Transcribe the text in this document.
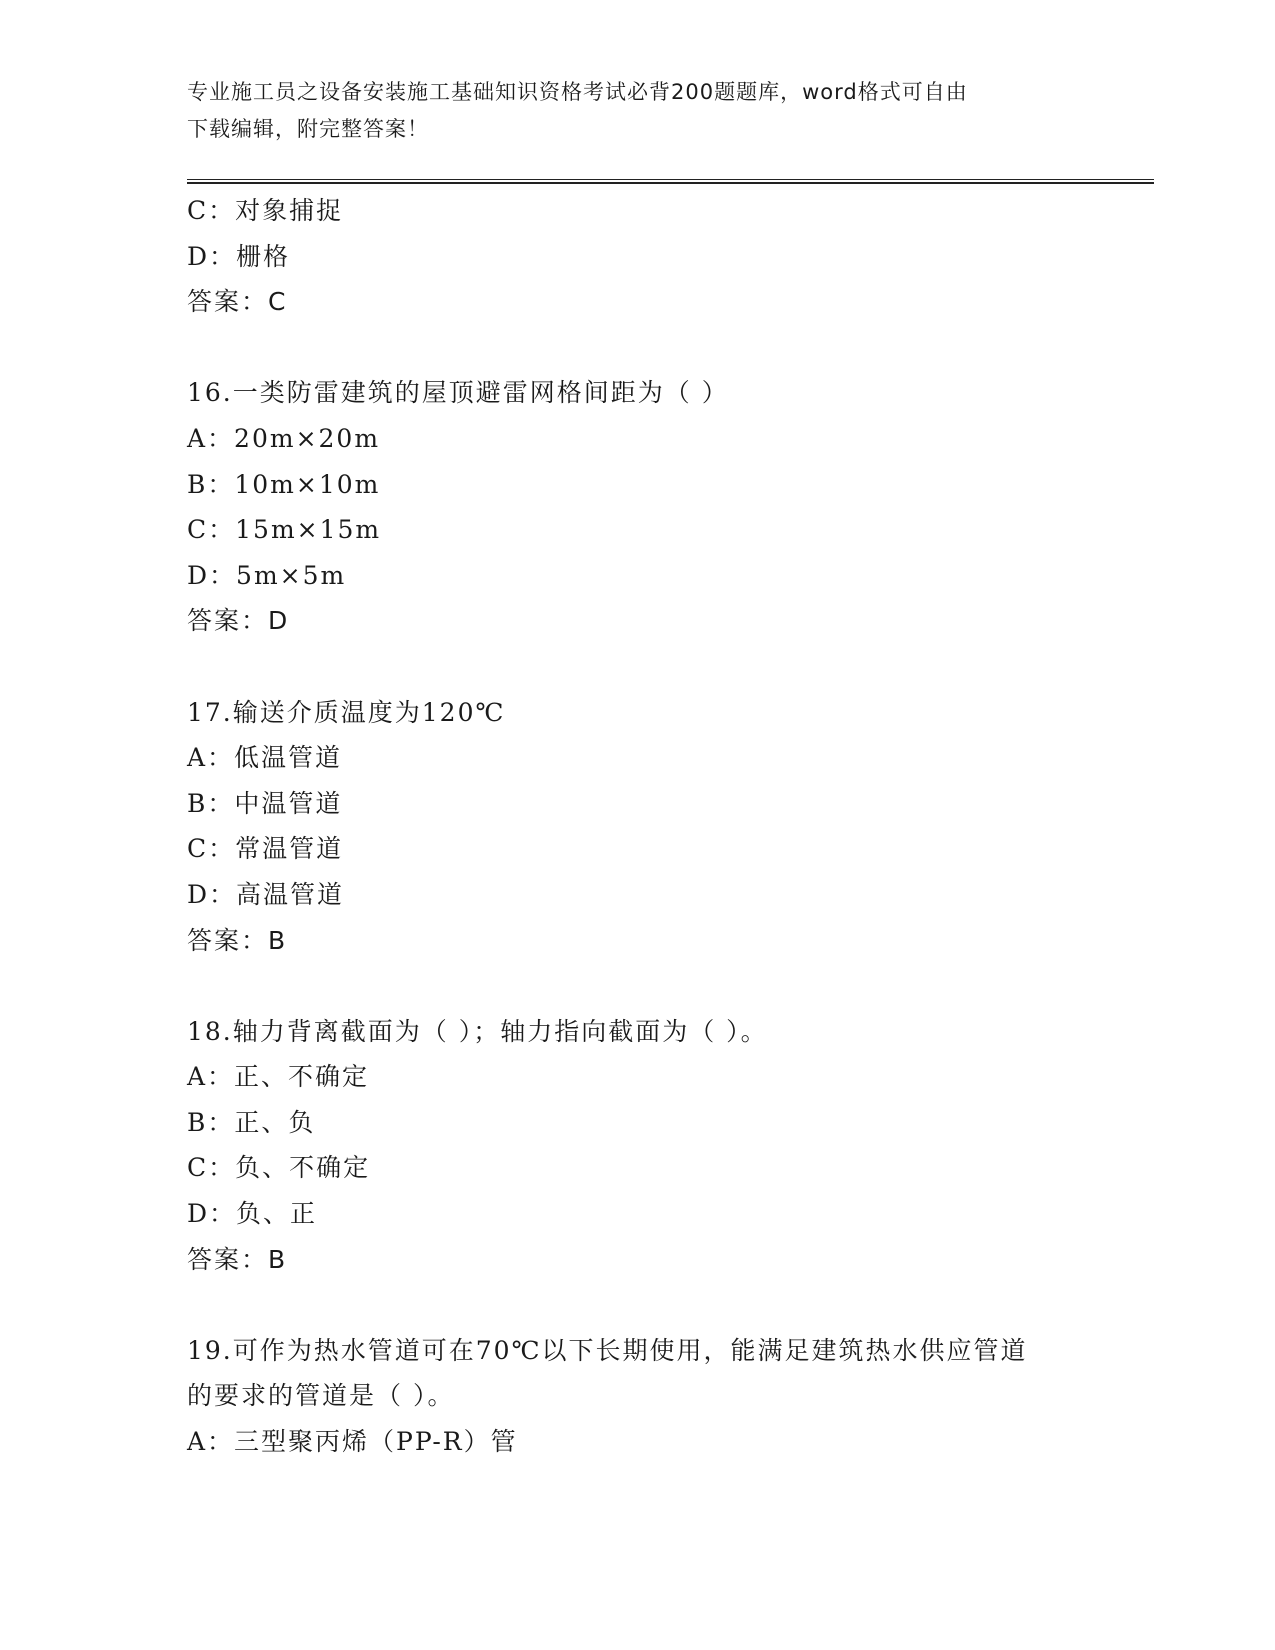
专业施工员之设备安装施工基础知识资格考试必背200题题库，word格式可自由
下载编辑，附完整答案！
C：对象捕捉
D：栅格
答案：C
16.一类防雷建筑的屋顶避雷网格间距为（ ）
A：20m×20m
B：10m×10m
C：15m×15m
D：5m×5m
答案：D
17.输送介质温度为120℃
A：低温管道
B：中温管道
C：常温管道
D：高温管道
答案：B
18.轴力背离截面为（ ）；轴力指向截面为（ ）。
A：正、不确定
B：正、负
C：负、不确定
D：负、正
答案：B
19.可作为热水管道可在70℃以下长期使用，能满足建筑热水供应管道
的要求的管道是（ ）。
A：三型聚丙烯（PP-R）管
